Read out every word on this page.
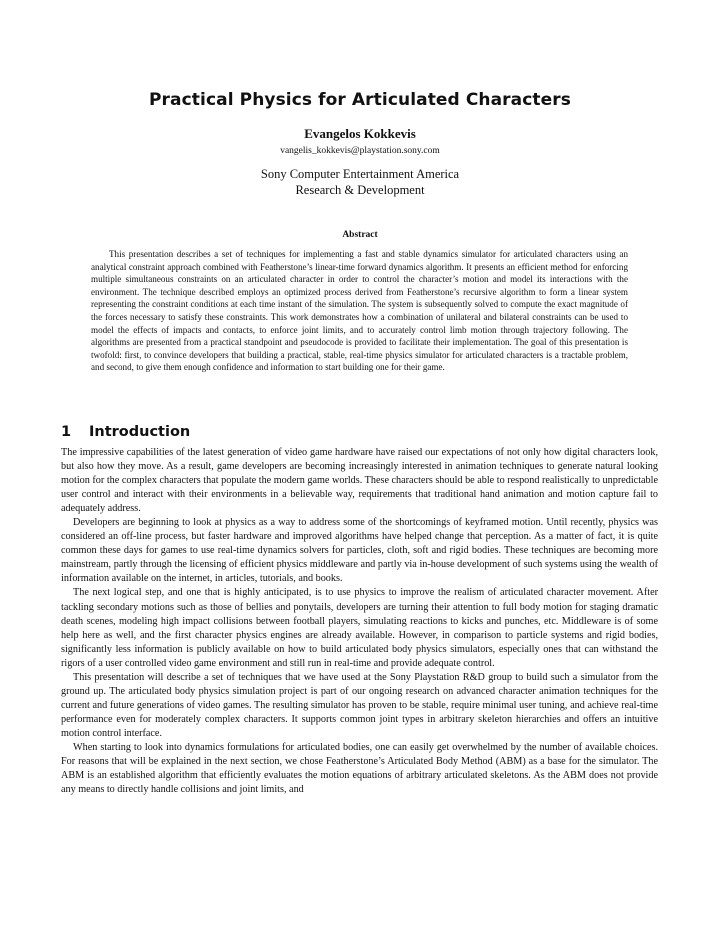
Practical Physics for Articulated Characters
Evangelos Kokkevis
vangelis_kokkevis@playstation.sony.com
Sony Computer Entertainment America
Research & Development
Abstract

This presentation describes a set of techniques for implementing a fast and stable dynamics simulator for articulated characters using an analytical constraint approach combined with Featherstone’s linear-time forward dynamics algorithm. It presents an efficient method for enforcing multiple simultaneous constraints on an articulated character in order to control the character’s motion and model its interactions with the environment. The technique described employs an optimized process derived from Featherstone’s recursive algorithm to form a linear system representing the constraint conditions at each time instant of the simulation. The system is subsequently solved to compute the exact magnitude of the forces necessary to satisfy these constraints. This work demonstrates how a combination of unilateral and bilateral constraints can be used to model the effects of impacts and contacts, to enforce joint limits, and to accurately control limb motion through trajectory following. The algorithms are presented from a practical standpoint and pseudocode is provided to facilitate their implementation. The goal of this presentation is twofold: first, to convince developers that building a practical, stable, real-time physics simulator for articulated characters is a tractable problem, and second, to give them enough confidence and information to start building one for their game.

1 Introduction

The impressive capabilities of the latest generation of video game hardware have raised our expectations of not only how digital characters look, but also how they move. As a result, game developers are becoming increasingly interested in animation techniques to generate natural looking motion for the complex characters that populate the modern game worlds. These characters should be able to respond realistically to unpredictable user control and interact with their environments in a believable way, requirements that traditional hand animation and motion capture fail to adequately address.

Developers are beginning to look at physics as a way to address some of the shortcomings of keyframed motion. Until recently, physics was considered an off-line process, but faster hardware and improved algorithms have helped change that perception. As a matter of fact, it is quite common these days for games to use real-time dynamics solvers for particles, cloth, soft and rigid bodies. These techniques are becoming more mainstream, partly through the licensing of efficient physics middleware and partly via in-house development of such systems using the wealth of information available on the internet, in articles, tutorials, and books.

The next logical step, and one that is highly anticipated, is to use physics to improve the realism of articulated character movement. After tackling secondary motions such as those of bellies and ponytails, developers are turning their attention to full body motion for staging dramatic death scenes, modeling high impact collisions between football players, simulating reactions to kicks and punches, etc. Middleware is of some help here as well, and the first character physics engines are already available. However, in comparison to particle systems and rigid bodies, significantly less information is publicly available on how to build articulated body physics simulators, especially ones that can withstand the rigors of a user controlled video game environment and still run in real-time and provide adequate control.

This presentation will describe a set of techniques that we have used at the Sony Playstation R&D group to build such a simulator from the ground up. The articulated body physics simulation project is part of our ongoing research on advanced character animation techniques for the current and future generations of video games. The resulting simulator has proven to be stable, require minimal user tuning, and achieve real-time performance even for moderately complex characters. It supports common joint types in arbitrary skeleton hierarchies and offers an intuitive motion control interface.

When starting to look into dynamics formulations for articulated bodies, one can easily get overwhelmed by the number of available choices. For reasons that will be explained in the next section, we chose Featherstone’s Articulated Body Method (ABM) as a base for the simulator. The ABM is an established algorithm that efficiently evaluates the motion equations of arbitrary articulated skeletons. As the ABM does not provide any means to directly handle collisions and joint limits, and
